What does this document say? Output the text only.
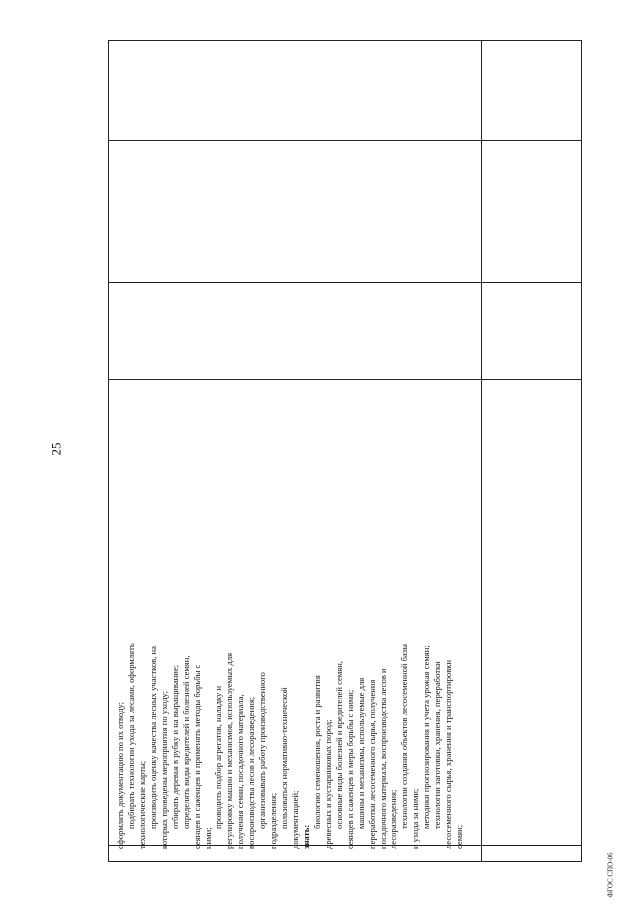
25
оформлять документацию по их отводу; подбирать технологии ухода за лесами, оформлять технологические карты; производить оценку качества лесных участков, на которых проведены мероприятия по уходу; отбирать деревья в рубку и на выращивание; определять виды вредителей и болезней семян, сеянцев и саженцев и применять методы борьбы с ними;
проводить подбор агрегатов, наладку и регулировку машин и механизмов, используемых для получения семян, посадочного материала, воспроизводства лесов и лесоразведения; организовывать работу производственного подразделения; пользоваться нормативно-технической документацией; знать:
биологию семеношения, роста и развития древесных и кустарниковых пород; основные виды болезней и вредителей семян, сеянцев и саженцев и меры борьбы с ними; машины и механизмы, используемые для переработки лесосеменного сырья, получения посадочного материала, воспроизводства лесов и лесоразведения; технологии создания объектов лесосеменной базы и ухода за ними; методики прогнозирования и учета урожая семян; технологии заготовки, хранения, переработки лесосеменного сырья, хранения и транспортировки семян;
ФГОС СПО-06
